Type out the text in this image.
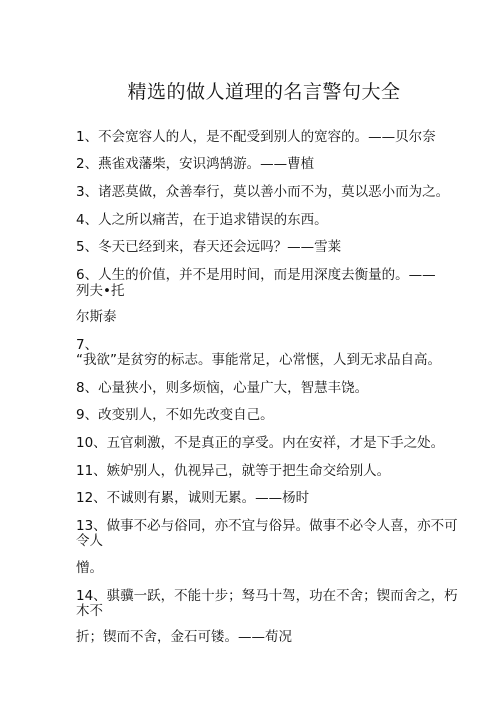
精选的做人道理的名言警句大全
1、不会宽容人的人，是不配受到别人的宽容的。——贝尔奈
2、燕雀戏藩柴，安识鸿鹄游。——曹植
3、诸恶莫做，众善奉行，莫以善小而不为，莫以恶小而为之。
4、人之所以痛苦，在于追求错误的东西。
5、冬天已经到来，春天还会远吗？——雪莱
6、人生的价值，并不是用时间，而是用深度去衡量的。——
列夫•托
尔斯泰
7、
“我欲”是贫穷的标志。事能常足，心常惬，人到无求品自高。
8、心量狭小，则多烦恼，心量广大，智慧丰饶。
9、改变别人，不如先改变自己。
10、五官刺激，不是真正的享受。内在安祥，才是下手之处。
11、嫉妒别人，仇视异己，就等于把生命交给别人。
12、不诚则有累，诚则无累。——杨时
13、做事不必与俗同，亦不宜与俗异。做事不必令人喜，亦不可
令人
憎。
14、骐骥一跃，不能十步；驽马十驾，功在不舍；锲而舍之，朽
木不
折；锲而不舍，金石可镂。——荀况
